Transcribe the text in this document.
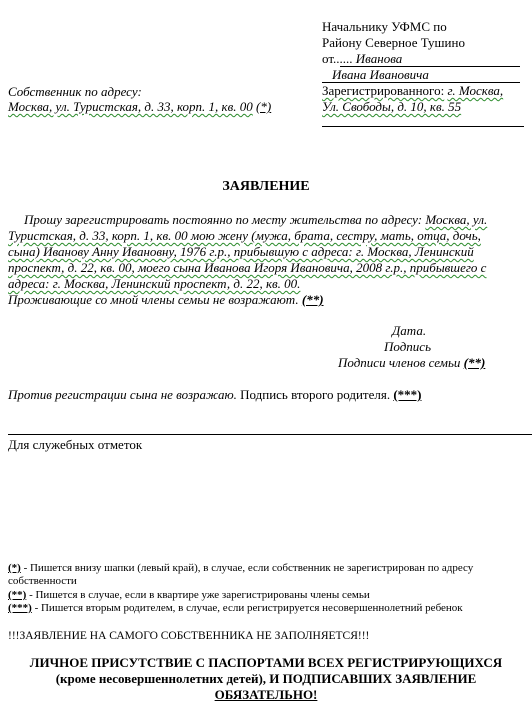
Начальнику УФМС по
Району Северное Тушино
от...... Иванова
Ивана Ивановича
Зарегистрированного: г. Москва,
Ул. Свободы, д. 10, кв. 55
Собственник по адресу:
Москва, ул. Туристская, д. 33, корп. 1, кв. 00 (*)
ЗАЯВЛЕНИЕ
Прошу зарегистрировать постоянно по месту жительства по адресу: Москва, ул.
Туристская, д. 33, корп. 1, кв. 00 мою жену (мужа, брата, сестру, мать, отца, дочь,
сына) Иванову Анну Ивановну, 1976 г.р., прибывшую с адреса: г. Москва, Ленинский
проспект, д. 22, кв. 00, моего сына Иванова Игоря Ивановича, 2008 г.р., прибывшего с
адреса: г. Москва, Ленинский проспект, д. 22, кв. 00.
Проживающие со мной члены семьи не возражают. (**)
Дата.
Подпись
Подписи членов семьи (**)
Против регистрации сына не возражаю. Подпись второго родителя. (***)
Для служебных отметок
(*) - Пишется внизу шапки (левый край), в случае, если собственник не зарегистрирован по адресу
собственности
(**) - Пишется в случае, если в квартире уже зарегистрированы члены семьи
(***) - Пишется вторым родителем, в случае, если регистрируется несовершеннолетний ребенок
!!!ЗАЯВЛЕНИЕ НА САМОГО СОБСТВЕННИКА НЕ ЗАПОЛНЯЕТСЯ!!!
ЛИЧНОЕ ПРИСУТСТВИЕ С ПАСПОРТАМИ ВСЕХ РЕГИСТРИРУЮЩИХСЯ
(кроме несовершеннолетних детей), И ПОДПИСАВШИХ ЗАЯВЛЕНИЕ
ОБЯЗАТЕЛЬНО!
